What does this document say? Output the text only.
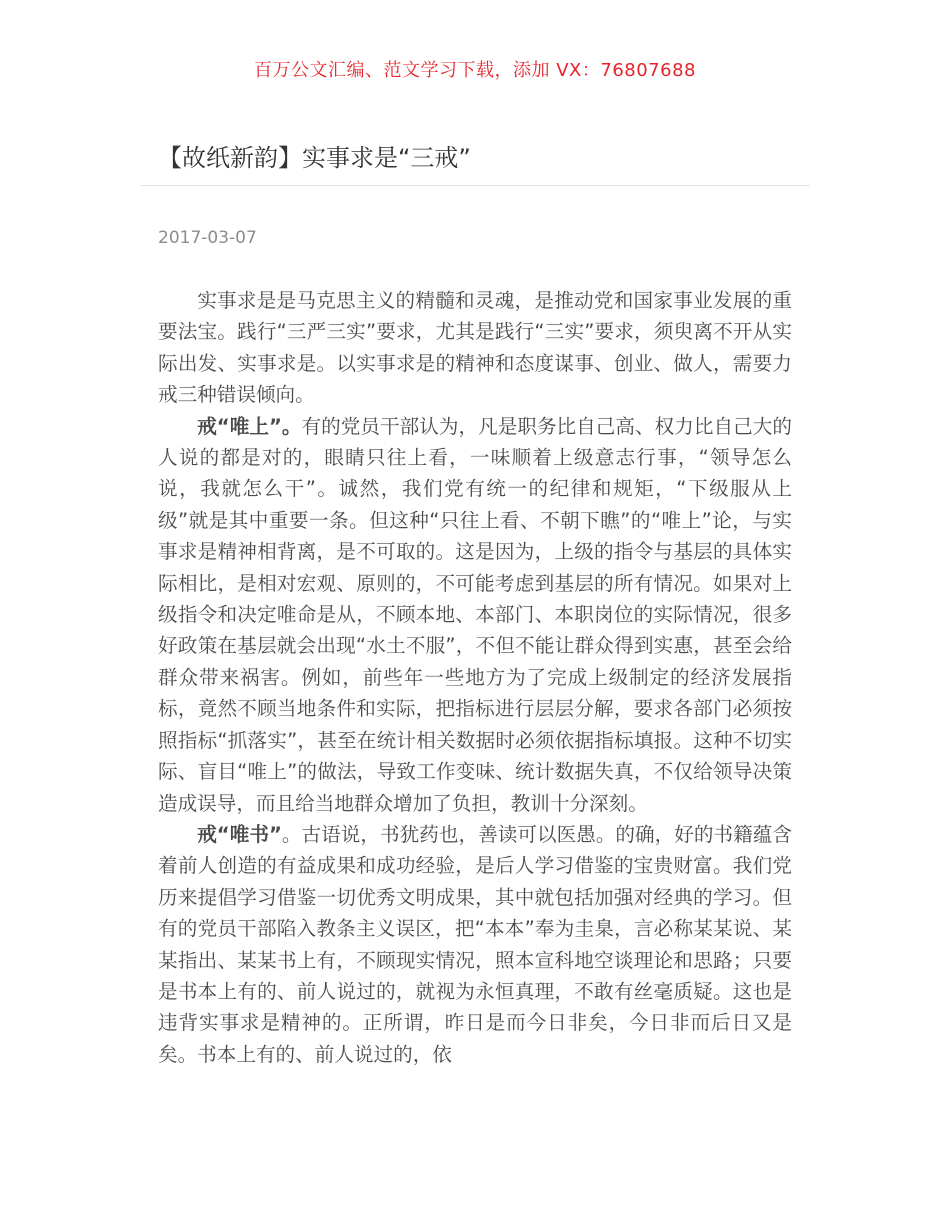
百万公文汇编、范文学习下载，添加 VX：76807688
【故纸新韵】实事求是“三戒”
2017-03-07

实事求是是马克思主义的精髓和灵魂，是推动党和国家事业发展的重要法宝。践行“三严三实”要求，尤其是践行“三实”要求，须臾离不开从实际出发、实事求是。以实事求是的精神和态度谋事、创业、做人，需要力戒三种错误倾向。

戒“唯上”。有的党员干部认为，凡是职务比自己高、权力比自己大的人说的都是对的，眼睛只往上看，一味顺着上级意志行事，“领导怎么说，我就怎么干”。诚然，我们党有统一的纪律和规矩，“下级服从上级”就是其中重要一条。但这种“只往上看、不朝下瞧”的“唯上”论，与实事求是精神相背离，是不可取的。这是因为，上级的指令与基层的具体实际相比，是相对宏观、原则的，不可能考虑到基层的所有情况。如果对上级指令和决定唯命是从，不顾本地、本部门、本职岗位的实际情况，很多好政策在基层就会出现“水土不服”，不但不能让群众得到实惠，甚至会给群众带来祸害。例如，前些年一些地方为了完成上级制定的经济发展指标，竟然不顾当地条件和实际，把指标进行层层分解，要求各部门必须按照指标“抓落实”，甚至在统计相关数据时必须依据指标填报。这种不切实际、盲目“唯上”的做法，导致工作变味、统计数据失真，不仅给领导决策造成误导，而且给当地群众增加了负担，教训十分深刻。

戒“唯书”。古语说，书犹药也，善读可以医愚。的确，好的书籍蕴含着前人创造的有益成果和成功经验，是后人学习借鉴的宝贵财富。我们党历来提倡学习借鉴一切优秀文明成果，其中就包括加强对经典的学习。但有的党员干部陷入教条主义误区，把“本本”奉为圭臬，言必称某某说、某某指出、某某书上有，不顾现实情况，照本宣科地空谈理论和思路；只要是书本上有的、前人说过的，就视为永恒真理，不敢有丝毫质疑。这也是违背实事求是精神的。正所谓，昨日是而今日非矣，今日非而后日又是矣。书本上有的、前人说过的，依
